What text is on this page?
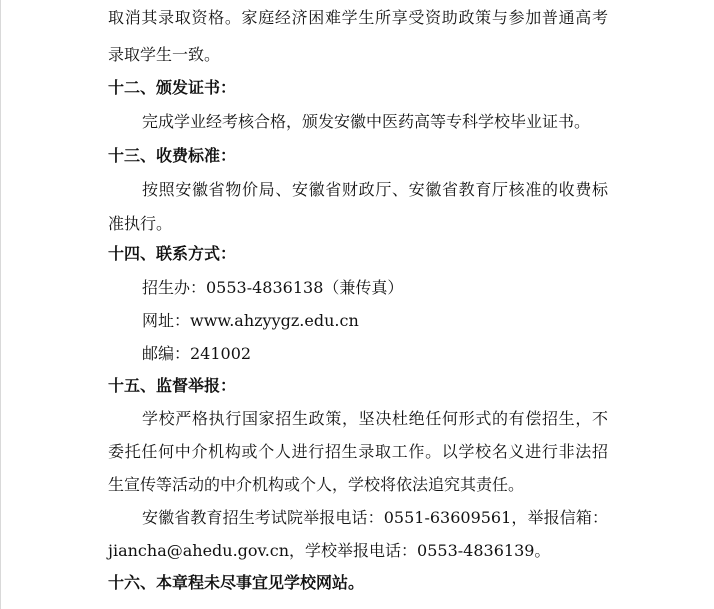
取消其录取资格。家庭经济困难学生所享受资助政策与参加普通高考
录取学生一致。
十二、颁发证书：
完成学业经考核合格，颁发安徽中医药高等专科学校毕业证书。
十三、收费标准：
按照安徽省物价局、安徽省财政厅、安徽省教育厅核准的收费标
准执行。
十四、联系方式：
招生办：0553-4836138（兼传真）
网址：www.ahzyygz.edu.cn
邮编：241002
十五、监督举报：
学校严格执行国家招生政策，坚决杜绝任何形式的有偿招生，不
委托任何中介机构或个人进行招生录取工作。以学校名义进行非法招
生宣传等活动的中介机构或个人，学校将依法追究其责任。
安徽省教育招生考试院举报电话：0551-63609561，举报信箱：
jiancha@ahedu.gov.cn，学校举报电话：0553-4836139。
十六、本章程未尽事宜见学校网站。
